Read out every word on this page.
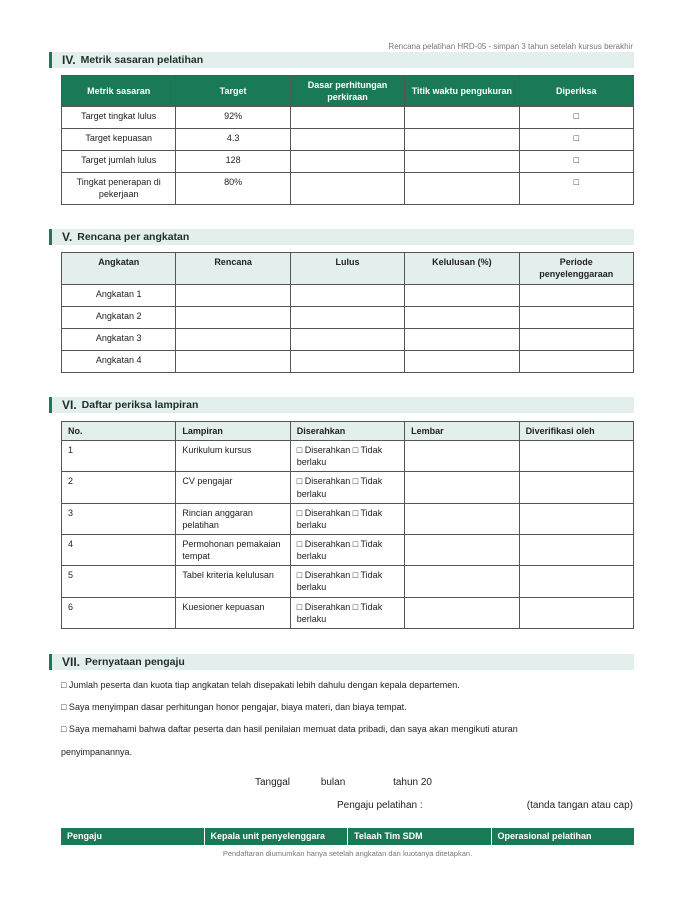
Rencana pelatihan HRD-05 - simpan 3 tahun setelah kursus berakhir
IV. Metrik sasaran pelatihan
Metrik sasaran	Target	Dasar perhitungan perkiraan	Titik waktu pengukuran	Diperiksa
Target tingkat lulus	92%			□
Target kepuasan	4.3			□
Target jumlah lulus	128			□
Tingkat penerapan di pekerjaan	80%			□
V. Rencana per angkatan
Angkatan	Rencana	Lulus	Kelulusan (%)	Periode penyelenggaraan
Angkatan 1				
Angkatan 2				
Angkatan 3				
Angkatan 4				
VI. Daftar periksa lampiran
No.	Lampiran	Diserahkan	Lembar	Diverifikasi oleh
1	Kurikulum kursus	□ Diserahkan □ Tidak berlaku		
2	CV pengajar	□ Diserahkan □ Tidak berlaku		
3	Rincian anggaran pelatihan	□ Diserahkan □ Tidak berlaku		
4	Permohonan pemakaian tempat	□ Diserahkan □ Tidak berlaku		
5	Tabel kriteria kelulusan	□ Diserahkan □ Tidak berlaku		
6	Kuesioner kepuasan	□ Diserahkan □ Tidak berlaku		
VII. Pernyataan pengaju
□ Jumlah peserta dan kuota tiap angkatan telah disepakati lebih dahulu dengan kepala departemen.
□ Saya menyimpan dasar perhitungan honor pengajar, biaya materi, dan biaya tempat.
□ Saya memahami bahwa daftar peserta dan hasil penilaian memuat data pribadi, dan saya akan mengikuti aturan
penyimpanannya.
Tanggal	bulan	tahun 20
Pengaju pelatihan :	(tanda tangan atau cap)
Pengaju	Kepala unit penyelenggara	Telaah Tim SDM	Operasional pelatihan
Pendaftaran diumumkan hanya setelah angkatan dan kuotanya ditetapkan.
